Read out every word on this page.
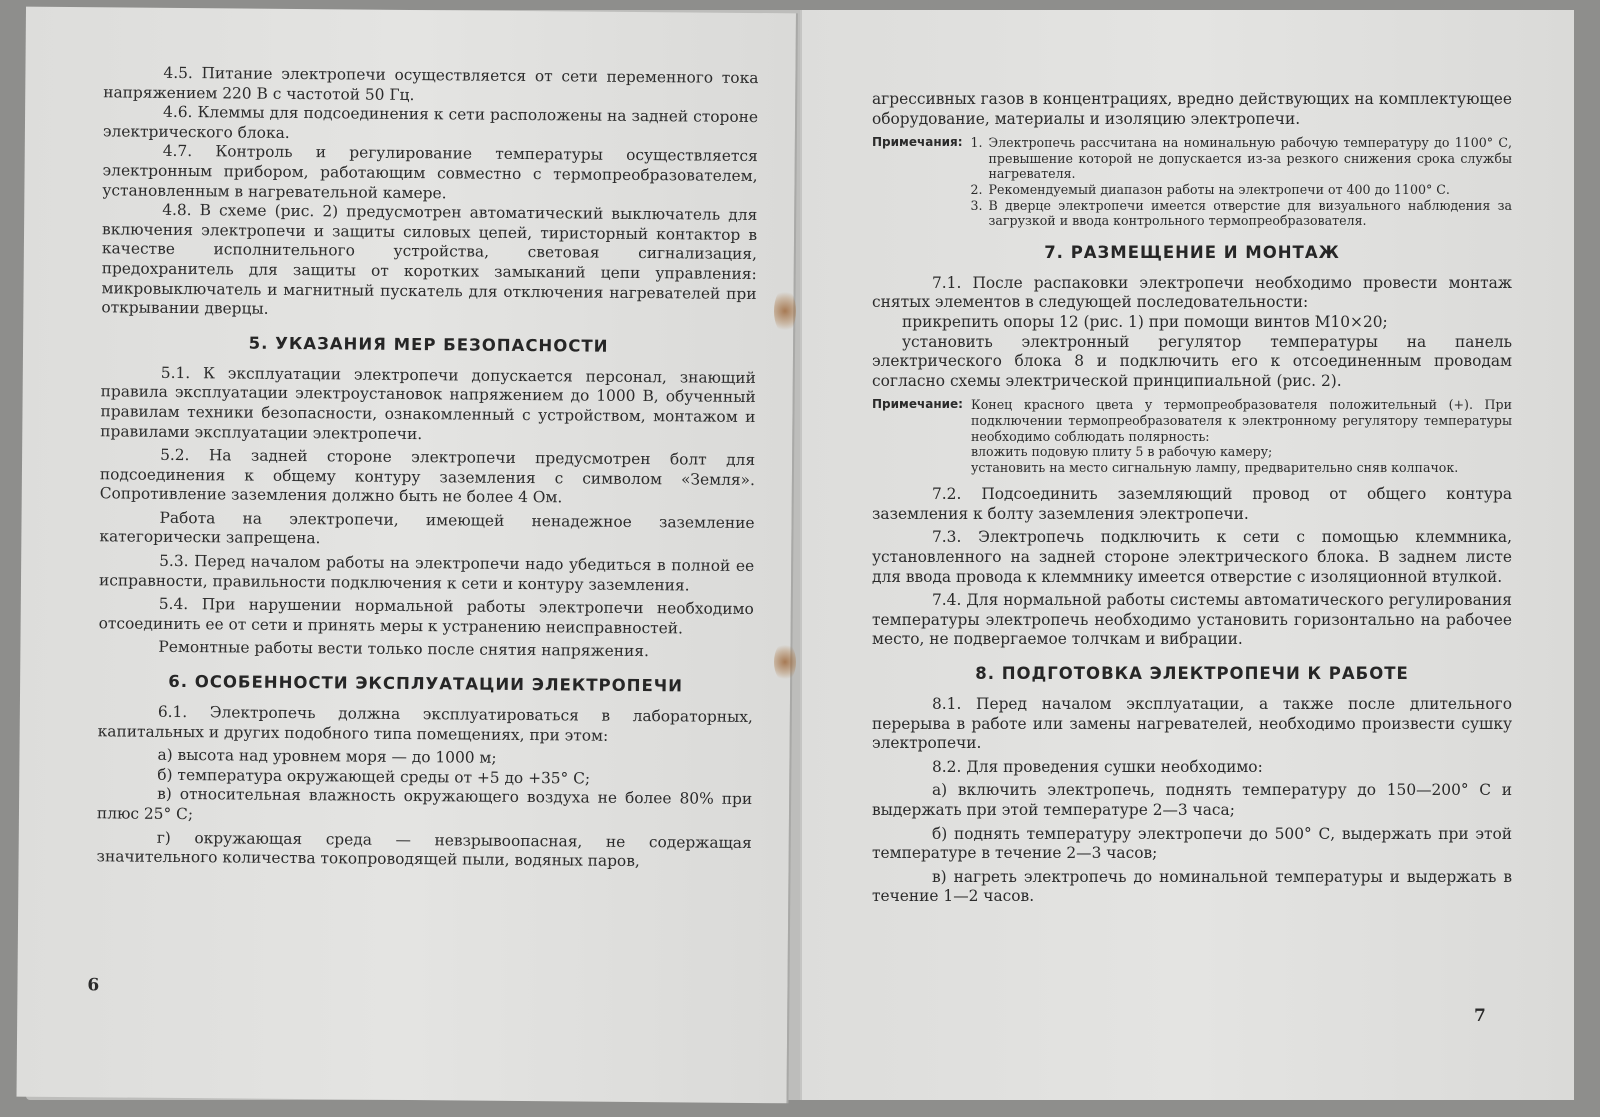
4.5. Питание электропечи осуществляется от сети переменного тока напряжением 220 В с частотой 50 Гц.

4.6. Клеммы для подсоединения к сети расположены на задней стороне электрического блока.

4.7. Контроль и регулирование температуры осуществляется электронным прибором, работающим совместно с термопреобразователем, установленным в нагревательной камере.

4.8. В схеме (рис. 2) предусмотрен автоматический выключатель для включения электропечи и защиты силовых цепей, тиристорный контактор в качестве исполнительного устройства, световая сигнализация, предохранитель для защиты от коротких замыканий цепи управления: микровыключатель и магнитный пускатель для отключения нагревателей при открывании дверцы.

5. УКАЗАНИЯ МЕР БЕЗОПАСНОСТИ

5.1. К эксплуатации электропечи допускается персонал, знающий правила эксплуатации электроустановок напряжением до 1000 В, обученный правилам техники безопасности, ознакомленный с устройством, монтажом и правилами эксплуатации электропечи.

5.2. На задней стороне электропечи предусмотрен болт для подсоединения к общему контуру заземления с символом «Земля». Сопротивление заземления должно быть не более 4 Ом.

Работа на электропечи, имеющей ненадежное заземление категорически запрещена.

5.3. Перед началом работы на электропечи надо убедиться в полной ее исправности, правильности подключения к сети и контуру заземления.

5.4. При нарушении нормальной работы электропечи необходимо отсоединить ее от сети и принять меры к устранению неисправностей.

Ремонтные работы вести только после снятия напряжения.

6. ОСОБЕННОСТИ ЭКСПЛУАТАЦИИ ЭЛЕКТРОПЕЧИ

6.1. Электропечь должна эксплуатироваться в лабораторных, капитальных и других подобного типа помещениях, при этом:

а) высота над уровнем моря — до 1000 м;

б) температура окружающей среды от +5 до +35° С;

в) относительная влажность окружающего воздуха не более 80% при плюс 25° С;

г) окружающая среда — невзрывоопасная, не содержащая значительного количества токопроводящей пыли, водяных паров,

6

агрессивных газов в концентрациях, вредно действующих на комплектующее оборудование, материалы и изоляцию электропечи.

Примечания: 1. Электропечь рассчитана на номинальную рабочую температуру до 1100° С, превышение которой не допускается из-за резкого снижения срока службы нагревателя.
2. Рекомендуемый диапазон работы на электропечи от 400 до 1100° С.
3. В дверце электропечи имеется отверстие для визуального наблюдения за загрузкой и ввода контрольного термопреобразователя.
7. РАЗМЕЩЕНИЕ И МОНТАЖ

7.1. После распаковки электропечи необходимо провести монтаж снятых элементов в следующей последовательности:

прикрепить опоры 12 (рис. 1) при помощи винтов М10×20;

установить электронный регулятор температуры на панель электрического блока 8 и подключить его к отсоединенным проводам согласно схемы электрической принципиальной (рис. 2).

Примечание: Конец красного цвета у термопреобразователя положительный (+). При подключении термопреобразователя к электронному регулятору температуры необходимо соблюдать полярность:

вложить подовую плиту 5 в рабочую камеру;

установить на место сигнальную лампу, предварительно сняв колпачок.

7.2. Подсоединить заземляющий провод от общего контура заземления к болту заземления электропечи.

7.3. Электропечь подключить к сети с помощью клеммника, установленного на задней стороне электрического блока. В заднем листе для ввода провода к клеммнику имеется отверстие с изоляционной втулкой.

7.4. Для нормальной работы системы автоматического регулирования температуры электропечь необходимо установить горизонтально на рабочее место, не подвергаемое толчкам и вибрации.

8. ПОДГОТОВКА ЭЛЕКТРОПЕЧИ К РАБОТЕ

8.1. Перед началом эксплуатации, а также после длительного перерыва в работе или замены нагревателей, необходимо произвести сушку электропечи.

8.2. Для проведения сушки необходимо:

а) включить электропечь, поднять температуру до 150—200° С и выдержать при этой температуре 2—3 часа;

б) поднять температуру электропечи до 500° С, выдержать при этой температуре в течение 2—3 часов;

в) нагреть электропечь до номинальной температуры и выдержать в течение 1—2 часов.

7
